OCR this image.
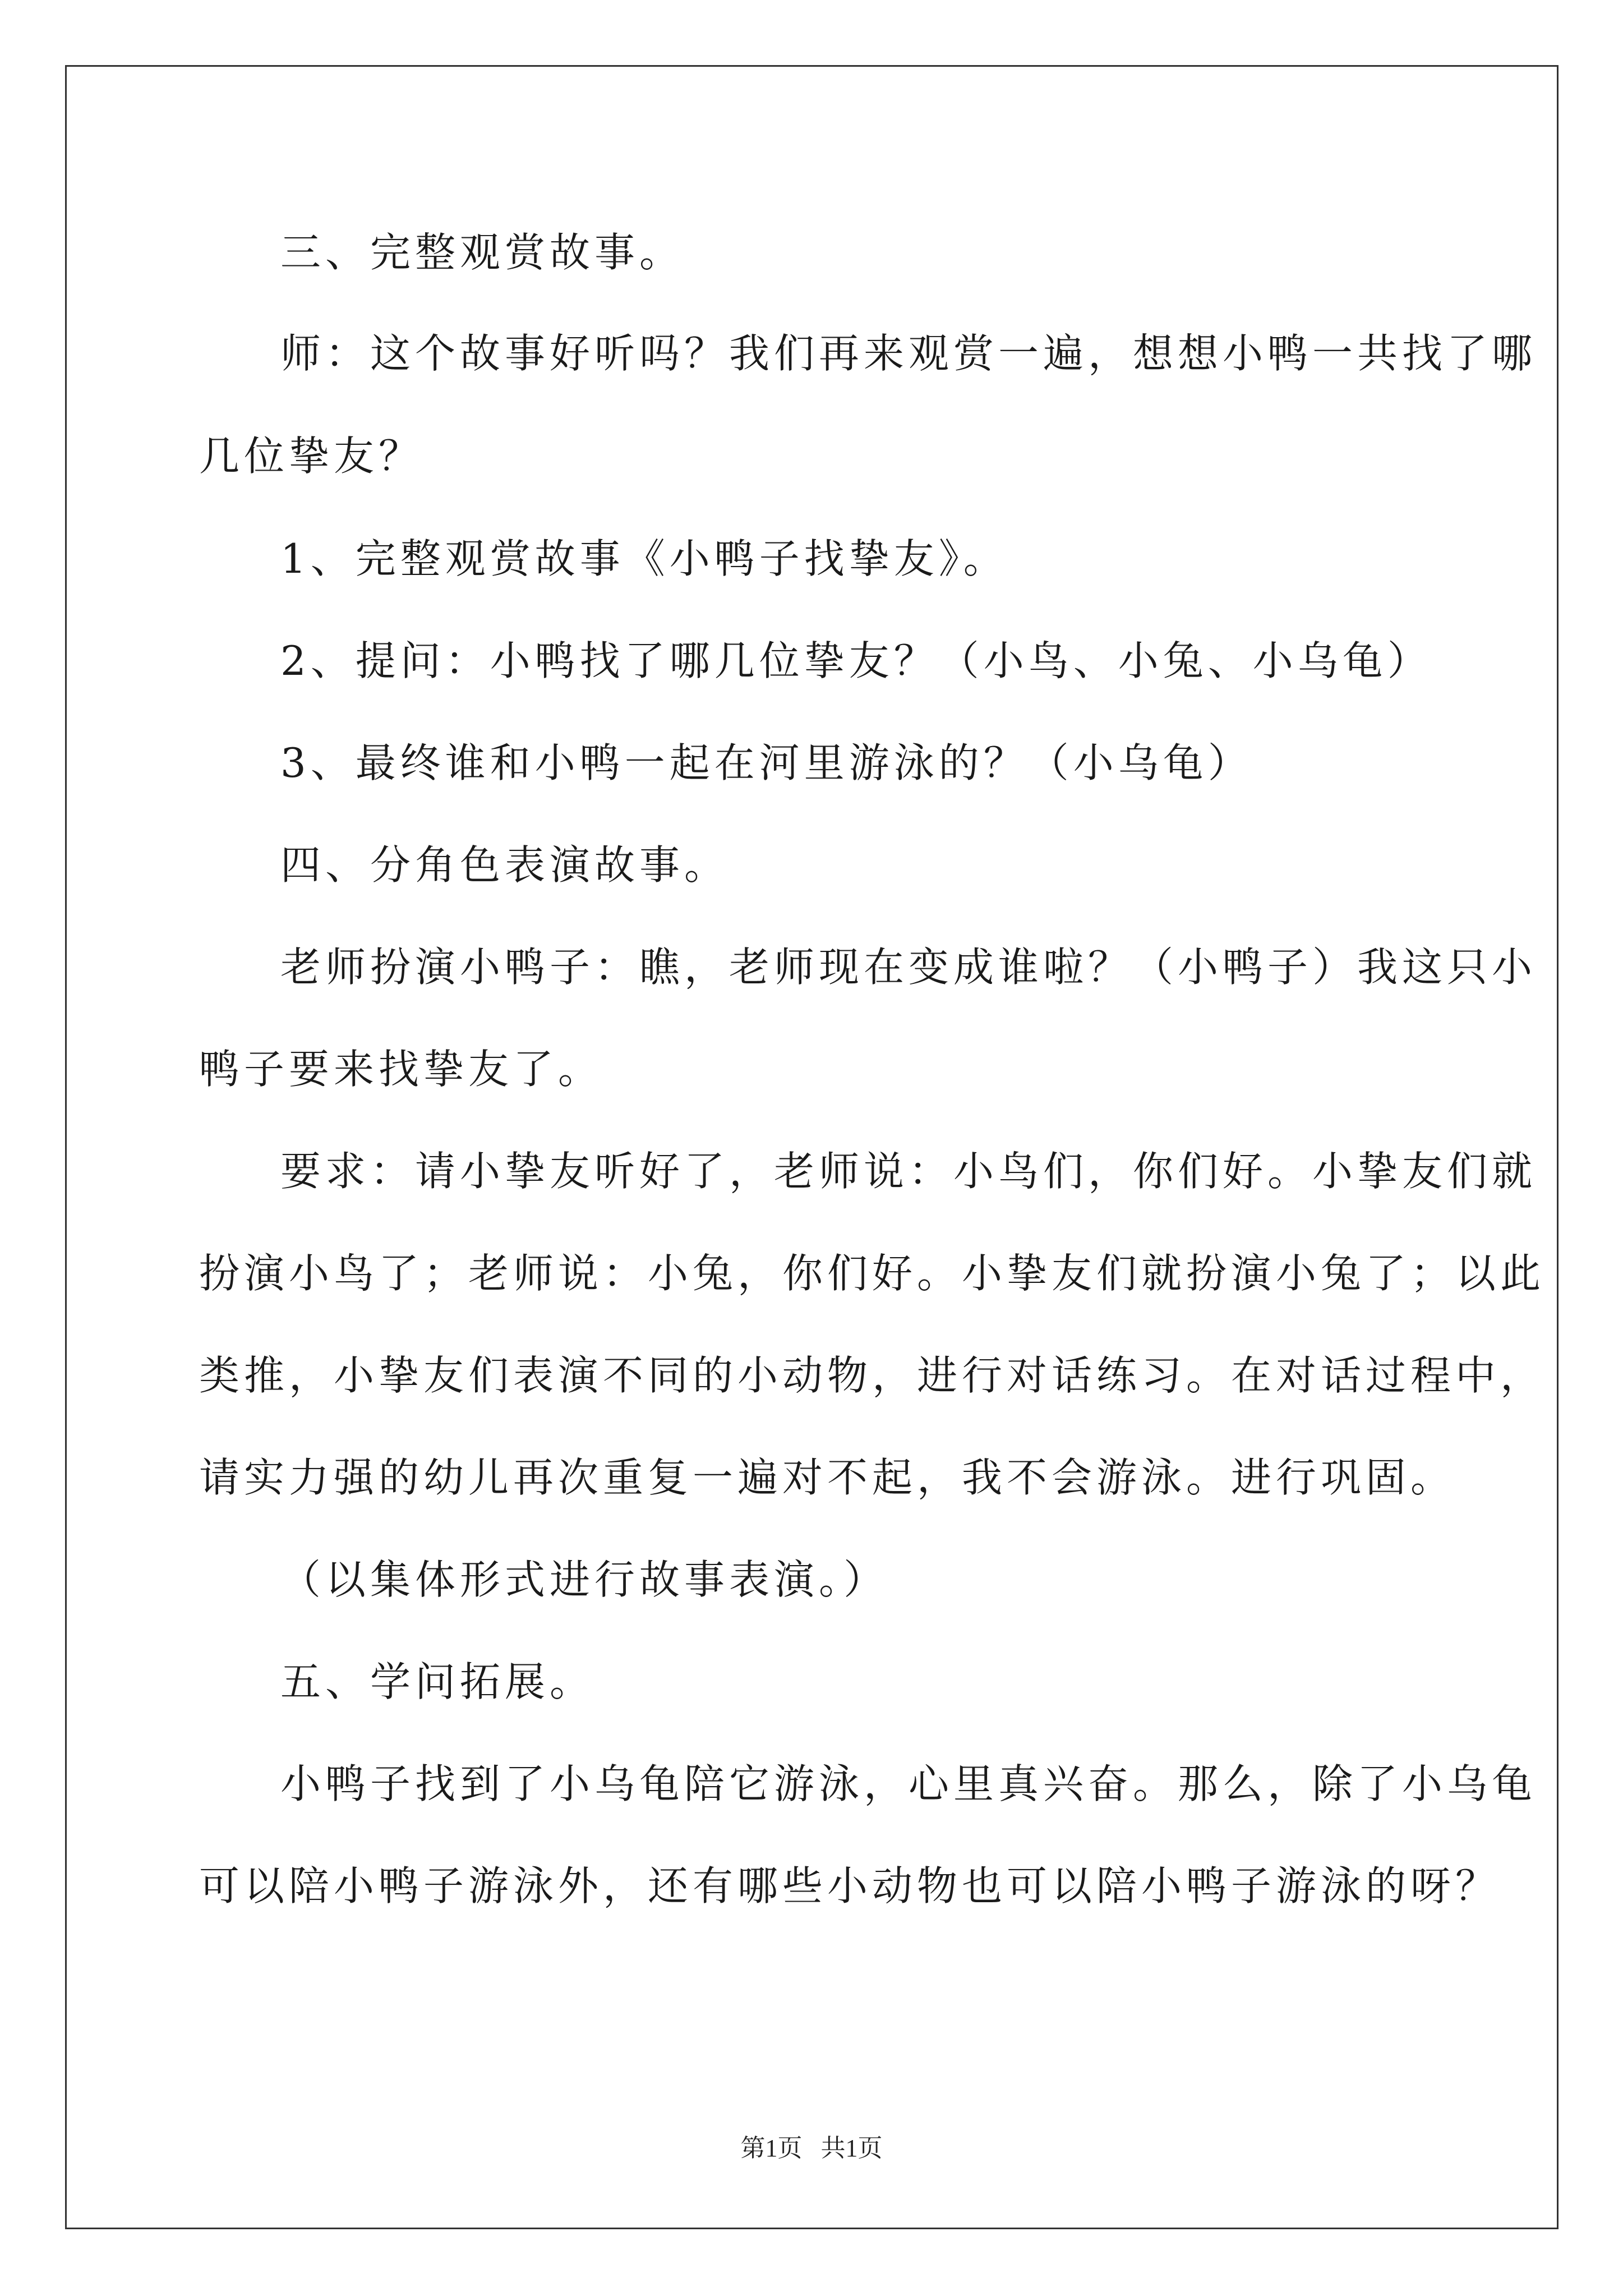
三、完整观赏故事。
师：这个故事好听吗？我们再来观赏一遍，想想小鸭一共找了哪
几位挚友？
1、完整观赏故事《小鸭子找挚友》。
2、提问：小鸭找了哪几位挚友？（小鸟、小兔、小乌龟）
3、最终谁和小鸭一起在河里游泳的？（小乌龟）
四、分角色表演故事。
老师扮演小鸭子：瞧，老师现在变成谁啦？（小鸭子）我这只小
鸭子要来找挚友了。
要求：请小挚友听好了，老师说：小鸟们，你们好。小挚友们就
扮演小鸟了；老师说：小兔，你们好。小挚友们就扮演小兔了；以此
类推，小挚友们表演不同的小动物，进行对话练习。在对话过程中，
请实力强的幼儿再次重复一遍对不起，我不会游泳。进行巩固。
（以集体形式进行故事表演。）
五、学问拓展。
小鸭子找到了小乌龟陪它游泳，心里真兴奋。那么，除了小乌龟
可以陪小鸭子游泳外，还有哪些小动物也可以陪小鸭子游泳的呀？
第1页   共1页
